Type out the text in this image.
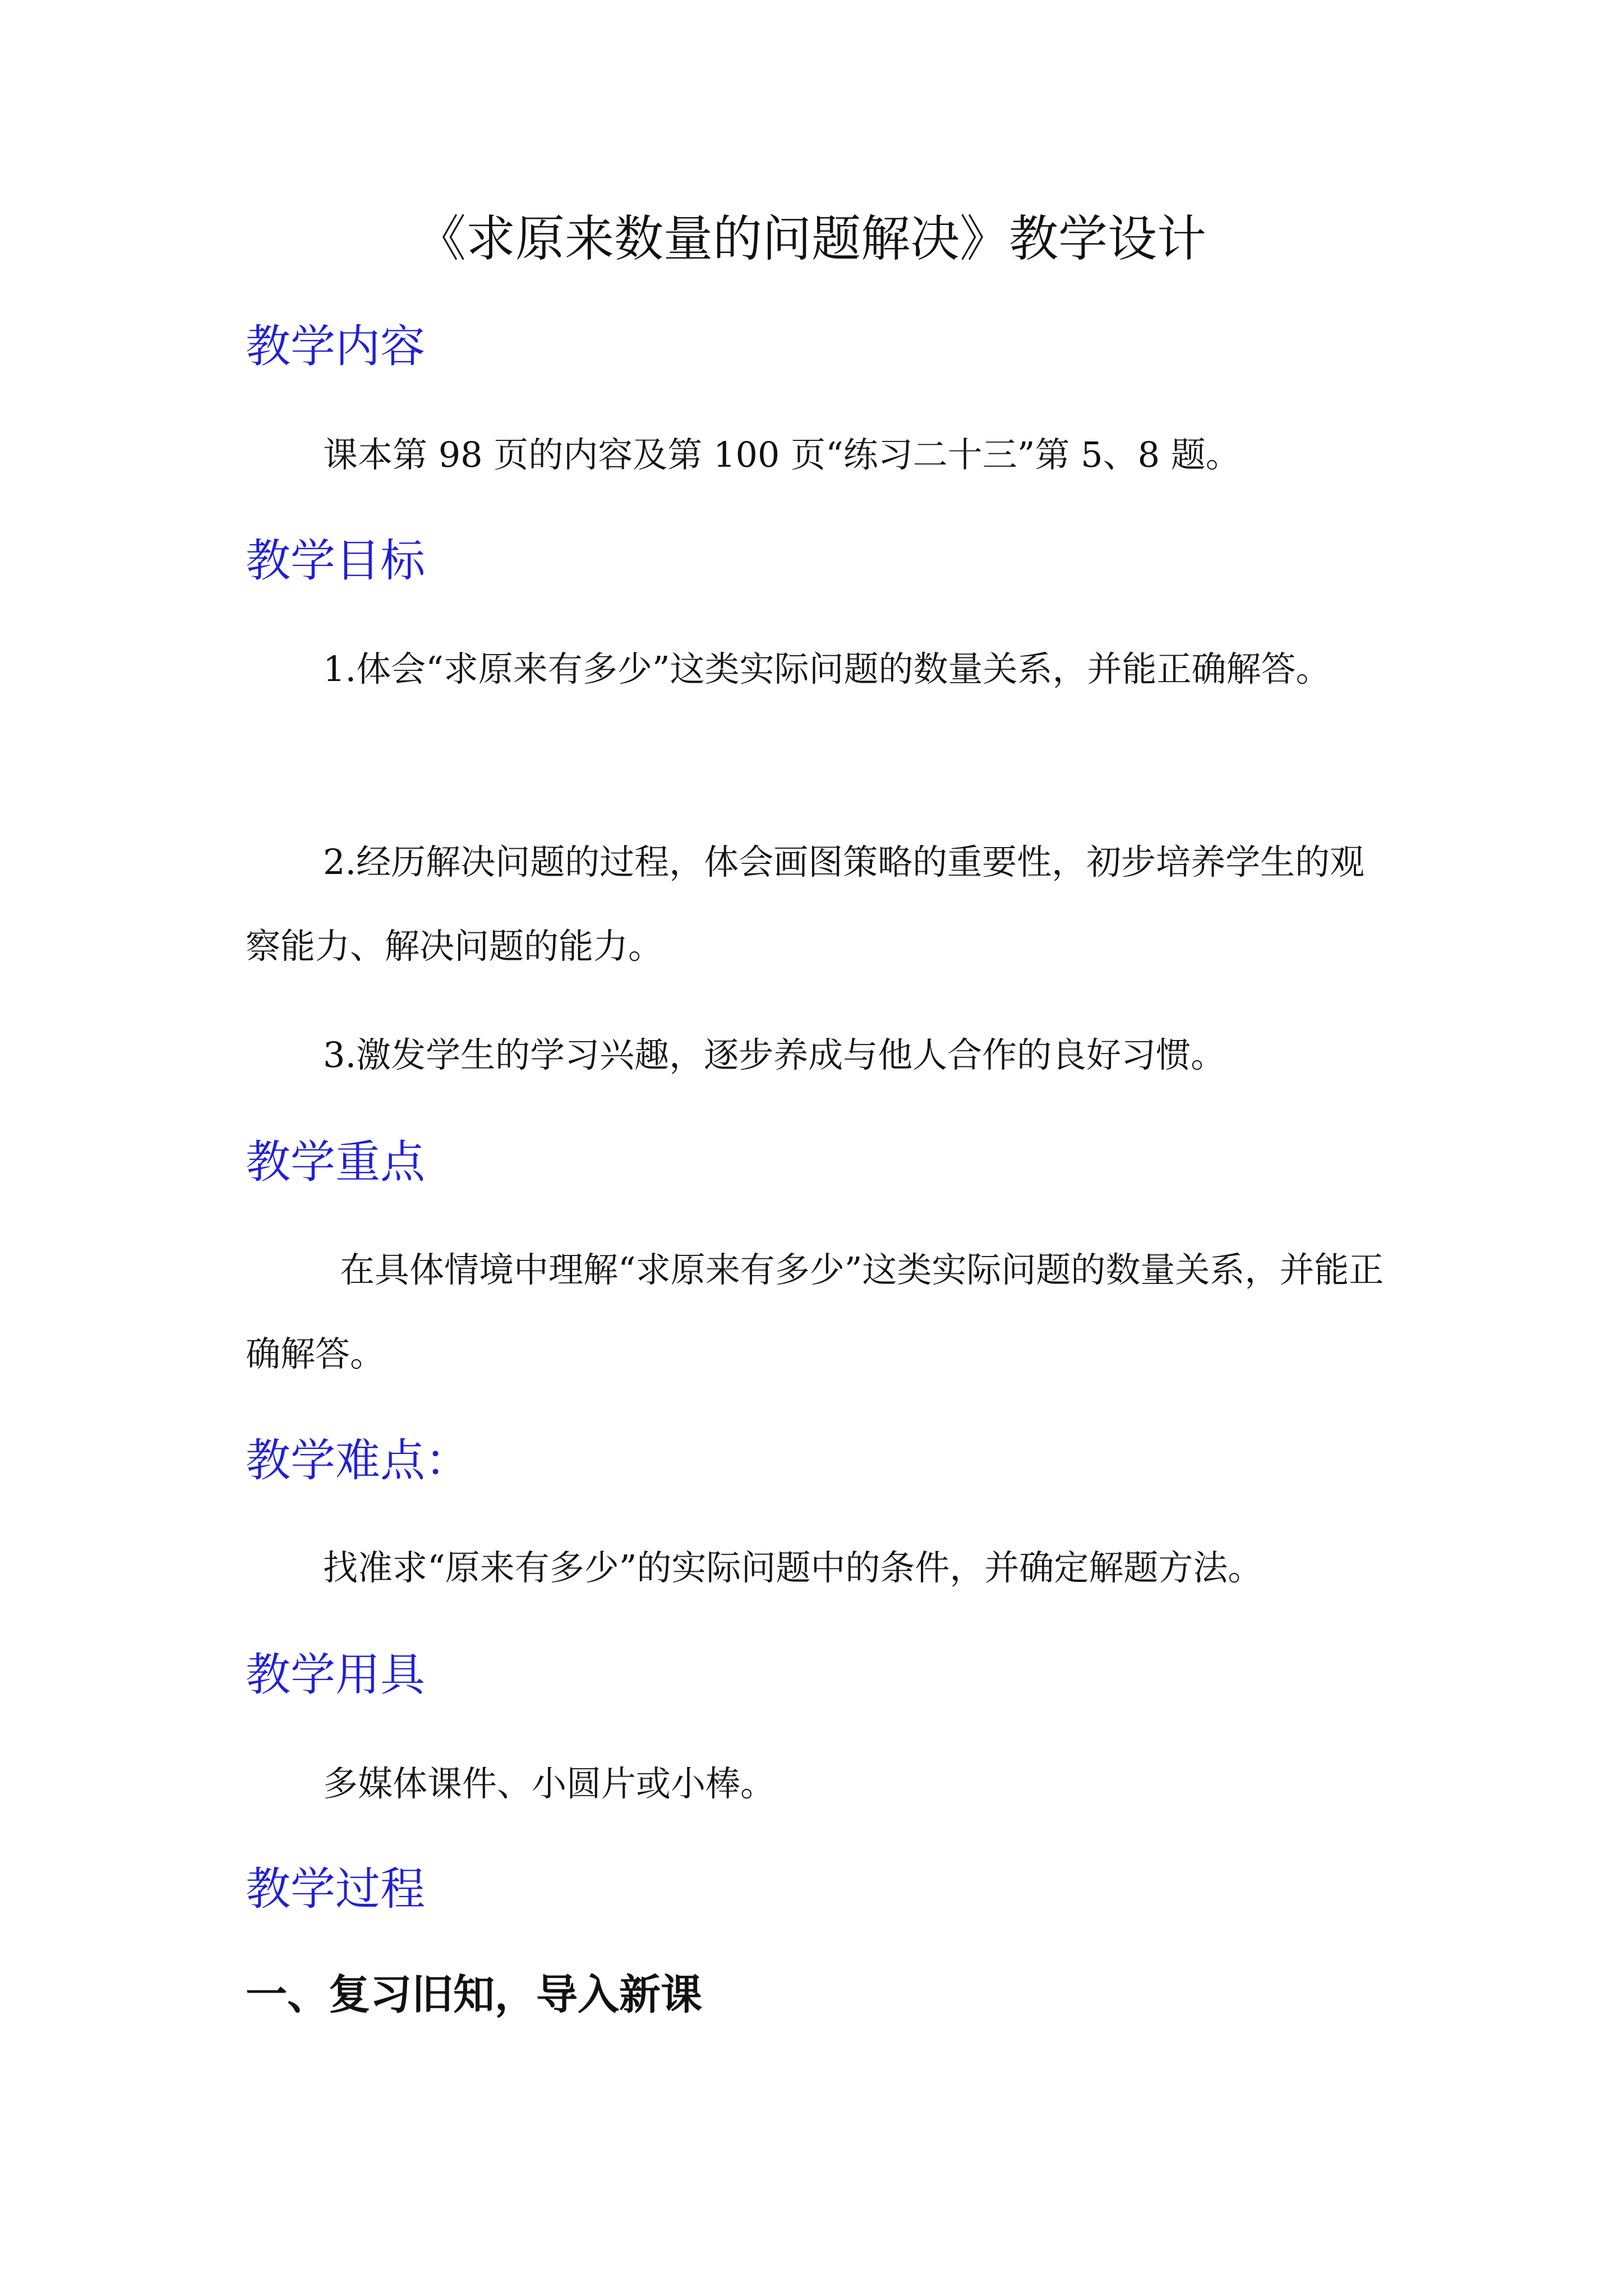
《求原来数量的问题解决》教学设计
教学内容

课本第 98 页的内容及第 100 页“练习二十三”第 5、8 题。

教学目标

1.体会“求原来有多少”这类实际问题的数量关系，并能正确解答。

2.经历解决问题的过程，体会画图策略的重要性，初步培养学生的观察能力、解决问题的能力。

3.激发学生的学习兴趣，逐步养成与他人合作的良好习惯。

教学重点

在具体情境中理解“求原来有多少”这类实际问题的数量关系，并能正确解答。

教学难点：

找准求“原来有多少”的实际问题中的条件，并确定解题方法。

教学用具

多媒体课件、小圆片或小棒。

教学过程
一、复习旧知，导入新课
